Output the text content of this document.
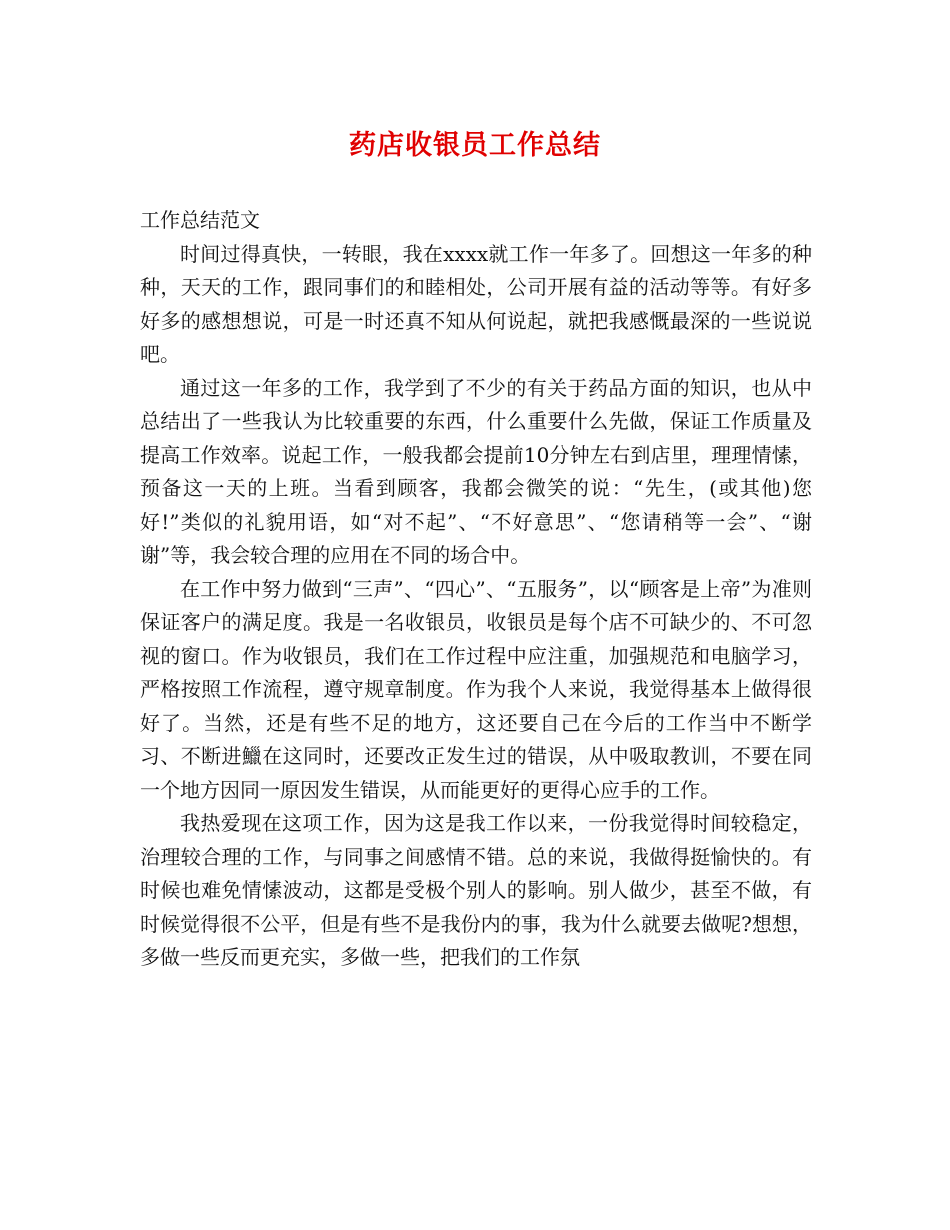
药店收银员工作总结

工作总结范文

时间过得真快，一转眼，我在xxxx就工作一年多了。回想这一年多的种种，天天的工作，跟同事们的和睦相处，公司开展有益的活动等等。有好多好多的感想想说，可是一时还真不知从何说起，就把我感慨最深的一些说说吧。

通过这一年多的工作，我学到了不少的有关于药品方面的知识，也从中总结出了一些我认为比较重要的东西，什么重要什么先做，保证工作质量及提高工作效率。说起工作，一般我都会提前10分钟左右到店里，理理情愫，预备这一天的上班。当看到顾客，我都会微笑的说：“先生，(或其他)您好!”类似的礼貌用语，如“对不起”、“不好意思”、“您请稍等一会”、“谢谢”等，我会较合理的应用在不同的场合中。

在工作中努力做到“三声”、“四心”、“五服务”，以“顾客是上帝”为准则保证客户的满足度。我是一名收银员，收银员是每个店不可缺少的、不可忽视的窗口。作为收银员，我们在工作过程中应注重，加强规范和电脑学习，严格按照工作流程，遵守规章制度。作为我个人来说，我觉得基本上做得很好了。当然，还是有些不足的地方，这还要自己在今后的工作当中不断学习、不断进鱲在这同时，还要改正发生过的错误，从中吸取教训，不要在同一个地方因同一原因发生错误，从而能更好的更得心应手的工作。

我热爱现在这项工作，因为这是我工作以来，一份我觉得时间较稳定，治理较合理的工作，与同事之间感情不错。总的来说，我做得挺愉快的。有时候也难免情愫波动，这都是受极个别人的影响。别人做少，甚至不做，有时候觉得很不公平，但是有些不是我份内的事，我为什么就要去做呢?想想，多做一些反而更充实，多做一些，把我们的工作氛
